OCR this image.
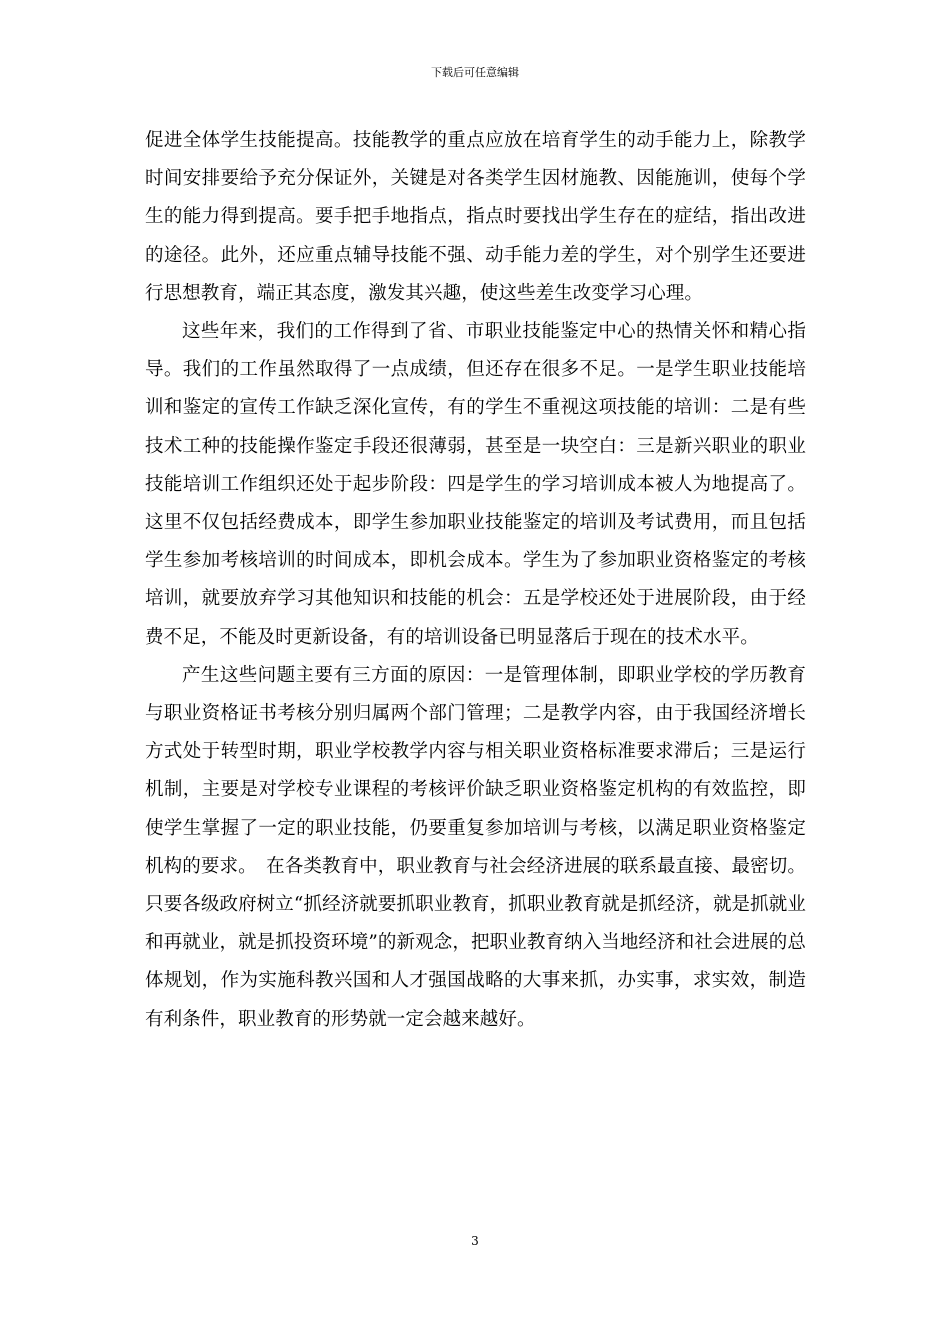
下载后可任意编辑

促进全体学生技能提高。技能教学的重点应放在培育学生的动手能力上，除教学时间安排要给予充分保证外，关键是对各类学生因材施教、因能施训，使每个学生的能力得到提高。要手把手地指点，指点时要找出学生存在的症结，指出改进的途径。此外，还应重点辅导技能不强、动手能力差的学生，对个别学生还要进行思想教育，端正其态度，激发其兴趣，使这些差生改变学习心理。

这些年来，我们的工作得到了省、市职业技能鉴定中心的热情关怀和精心指导。我们的工作虽然取得了一点成绩，但还存在很多不足。一是学生职业技能培训和鉴定的宣传工作缺乏深化宣传，有的学生不重视这项技能的培训：二是有些技术工种的技能操作鉴定手段还很薄弱，甚至是一块空白：三是新兴职业的职业技能培训工作组织还处于起步阶段：四是学生的学习培训成本被人为地提高了。这里不仅包括经费成本，即学生参加职业技能鉴定的培训及考试费用，而且包括学生参加考核培训的时间成本，即机会成本。学生为了参加职业资格鉴定的考核培训，就要放弃学习其他知识和技能的机会：五是学校还处于进展阶段，由于经费不足，不能及时更新设备，有的培训设备已明显落后于现在的技术水平。

产生这些问题主要有三方面的原因：一是管理体制，即职业学校的学历教育与职业资格证书考核分别归属两个部门管理；二是教学内容，由于我国经济增长方式处于转型时期，职业学校教学内容与相关职业资格标准要求滞后；三是运行机制，主要是对学校专业课程的考核评价缺乏职业资格鉴定机构的有效监控，即使学生掌握了一定的职业技能，仍要重复参加培训与考核，以满足职业资格鉴定机构的要求。　在各类教育中，职业教育与社会经济进展的联系最直接、最密切。只要各级政府树立“抓经济就要抓职业教育，抓职业教育就是抓经济，就是抓就业和再就业，就是抓投资环境”的新观念，把职业教育纳入当地经济和社会进展的总体规划，作为实施科教兴国和人才强国战略的大事来抓，办实事，求实效，制造有利条件，职业教育的形势就一定会越来越好。

3
